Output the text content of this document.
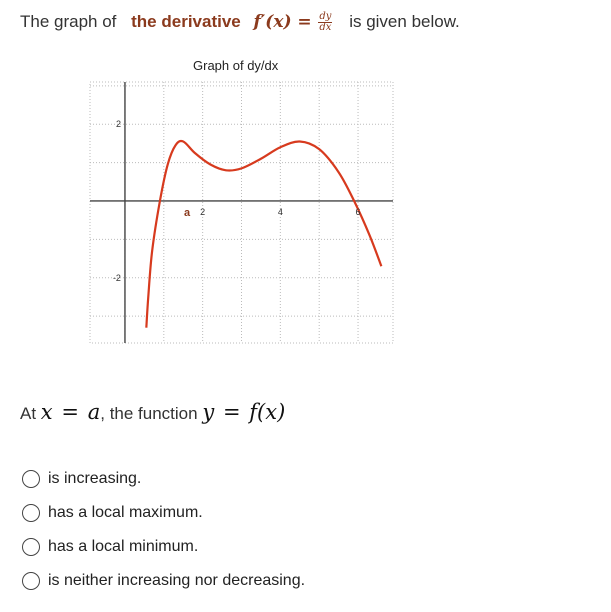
The graph of the derivative $f'(x) = \frac{dy}{dx}$ is given below.
Graph of dy/dx
2	4	6
2
-2
a
At x = a, the function y = f(x)
is increasing.
has a local maximum.
has a local minimum.
is neither increasing nor decreasing.
